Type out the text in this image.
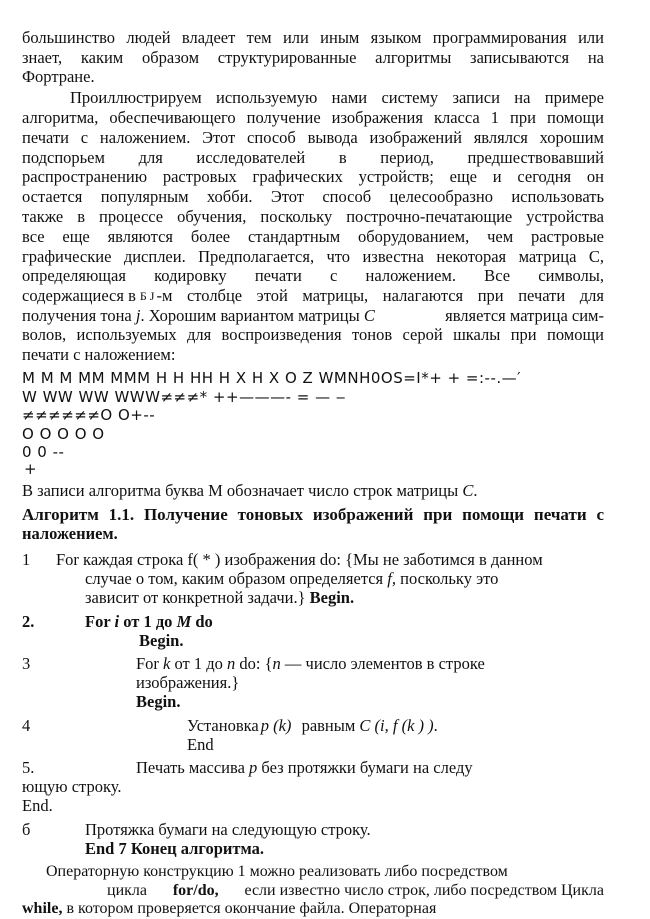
большинство людей владеет тем или иным языком программирования или
знает, каким образом структурированные алгоритмы записываются на
Фортране.
Проиллюстрируем используемую нами систему записи на примере
алгоритма, обеспечивающего получение изображения класса 1 при помощи
печати с наложением. Этот способ вывода изображений являлся хорошим
подспорьем для исследователей в период, предшествовавший
распространению растровых графических устройств; еще и сегодня он
остается популярным хобби. Этот способ целесообразно использовать
также в процессе обучения, поскольку построчно-печатающие устройства
все еще являются более стандартным оборудованием, чем растровые
графические дисплеи. Предполагается, что известна некоторая матрица С,
определяющая кодировку печати с наложением. Все символы,
содержащиеся в Б J -м столбце этой матрицы, налагаются при печати для
получения тона
j . Хорошим вариантом матрицы
C
	является матрица сим-
волов, используемых для воспроизведения тонов серой шкалы при помощи
печати с наложением:
M M M MM MMM H H HH H X H X O Z WMNH0OS=I*+ + =:--.—′
W WW WW WWW≠≠≠* ++———- = — ‒
≠≠≠≠≠≠O O+-‐
O O O O O
0 0 -‐
+
В записи алгоритма буква М обозначает число строк матрицы C.
Алгоритм 1.1. Получение тоновых изображений при помощи печати с
наложением.
1 For каждая строка f( * ) изображения do: {Мы не заботимся в данном
случае о том, каким образом определяется f, поскольку это
зависит от конкретной задачи.} Begin.
2.	For i от 1 до M do
Begin.
3	For k от 1 до n do: {n — число элементов в строке
изображения.}
Begin.
4	Установка p (k) равным C (i, f (k ) ).
End
5.	Печать массива p без протяжки бумаги на следу
ющую строку.
End.
б	Протяжка бумаги на следующую строку.
End 7 Конец алгоритма.
Операторную конструкцию 1 можно реализовать либо посредством
цикла for/do, если известно число строк, либо посредством Цикла
while, в котором проверяется окончание файла. Операторная
